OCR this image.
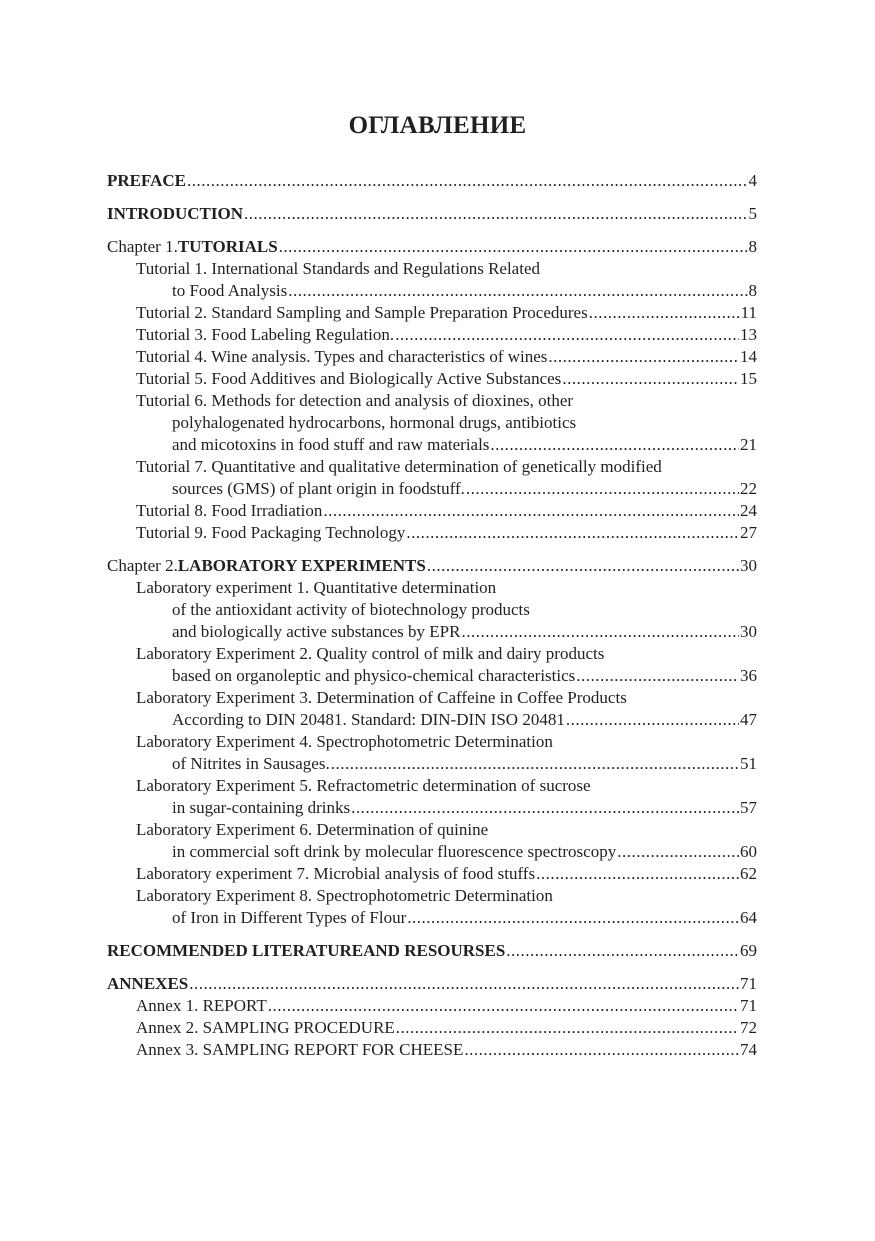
ОГЛАВЛЕНИЕ
PREFACE .....	4
INTRODUCTION .....	5
Chapter 1. TUTORIALS .....	8
Tutorial 1. International Standards and Regulations Related
to Food Analysis .....	8
Tutorial 2. Standard Sampling and Sample Preparation Procedures .....	11
Tutorial 3. Food Labeling Regulation. .....	13
Tutorial 4. Wine analysis. Types and characteristics of wines .....	14
Tutorial 5. Food Additives and Biologically Active Substances .....	15
Tutorial 6. Methods for detection and analysis of dioxines, other
polyhalogenated hydrocarbons, hormonal drugs, antibiotics
and micotoxins in food stuff and raw materials .....	21
Tutorial 7. Quantitative and qualitative determination of genetically modified
sources (GMS) of plant origin in foodstuff. .....	22
Tutorial 8. Food Irradiation .....	24
Tutorial 9. Food Packaging Technology .....	27
Chapter 2. LABORATORY EXPERIMENTS .....	30
Laboratory experiment 1. Quantitative determination
of the antioxidant activity of biotechnology products
and biologically active substances by EPR .....	30
Laboratory Experiment 2. Quality control of milk and dairy products
based on organoleptic and physico-chemical characteristics .....	36
Laboratory Experiment 3. Determination of Caffeine in Coffee Products
According to DIN 20481. Standard: DIN-DIN ISO 20481 .....	47
Laboratory Experiment 4. Spectrophotometric Determination
of Nitrites in Sausages. .....	51
Laboratory Experiment 5. Refractometric determination of sucrose
in sugar-containing drinks .....	57
Laboratory Experiment 6. Determination of quinine
in commercial soft drink by molecular fluorescence spectroscopy .....	60
Laboratory experiment 7. Microbial analysis of food stuffs .....	62
Laboratory Experiment 8. Spectrophotometric Determination
of Iron in Different Types of Flour .....	64
RECOMMENDED LITERATUREAND RESOURSES .....	69
ANNEXES .....	71
Annex 1. REPORT .....	71
Annex 2. SAMPLING PROCEDURE .....	72
Annex 3. SAMPLING REPORT FOR CHEESE .....	74
